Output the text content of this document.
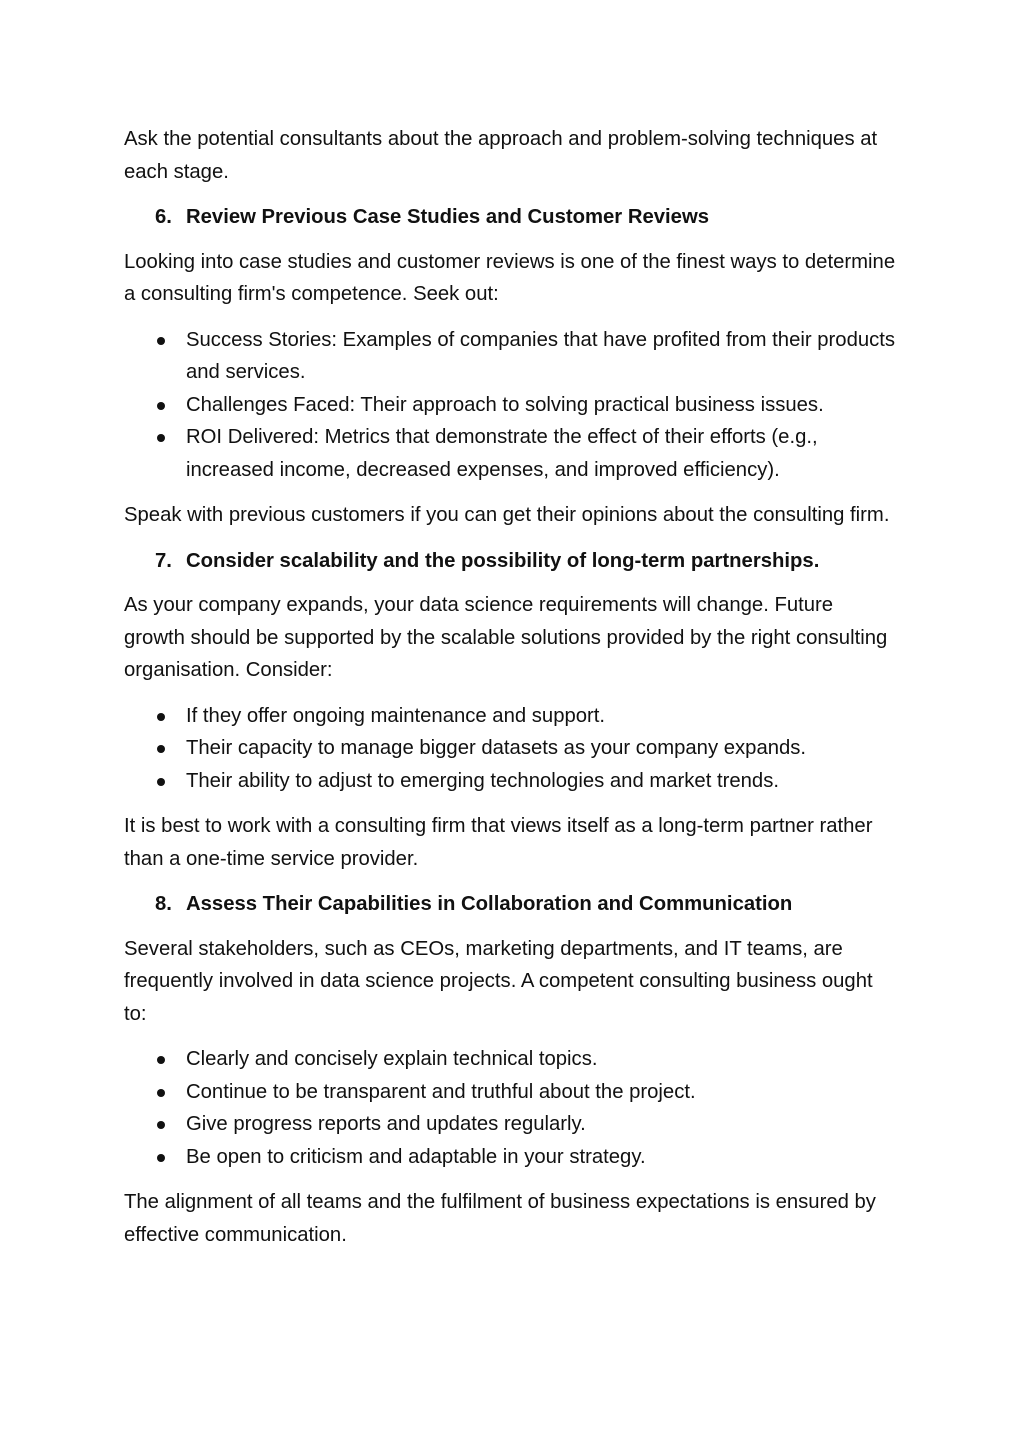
Ask the potential consultants about the approach and problem-solving techniques at each stage.

6. Review Previous Case Studies and Customer Reviews

Looking into case studies and customer reviews is one of the finest ways to determine a consulting firm's competence. Seek out:

Success Stories: Examples of companies that have profited from their products and services.
Challenges Faced: Their approach to solving practical business issues.
ROI Delivered: Metrics that demonstrate the effect of their efforts (e.g., increased income, decreased expenses, and improved efficiency).

Speak with previous customers if you can get their opinions about the consulting firm.

7. Consider scalability and the possibility of long-term partnerships.

As your company expands, your data science requirements will change. Future growth should be supported by the scalable solutions provided by the right consulting organisation. Consider:

If they offer ongoing maintenance and support.
Their capacity to manage bigger datasets as your company expands.
Their ability to adjust to emerging technologies and market trends.

It is best to work with a consulting firm that views itself as a long-term partner rather than a one-time service provider.

8. Assess Their Capabilities in Collaboration and Communication

Several stakeholders, such as CEOs, marketing departments, and IT teams, are frequently involved in data science projects. A competent consulting business ought to:

Clearly and concisely explain technical topics.
Continue to be transparent and truthful about the project.
Give progress reports and updates regularly.
Be open to criticism and adaptable in your strategy.

The alignment of all teams and the fulfilment of business expectations is ensured by effective communication.
